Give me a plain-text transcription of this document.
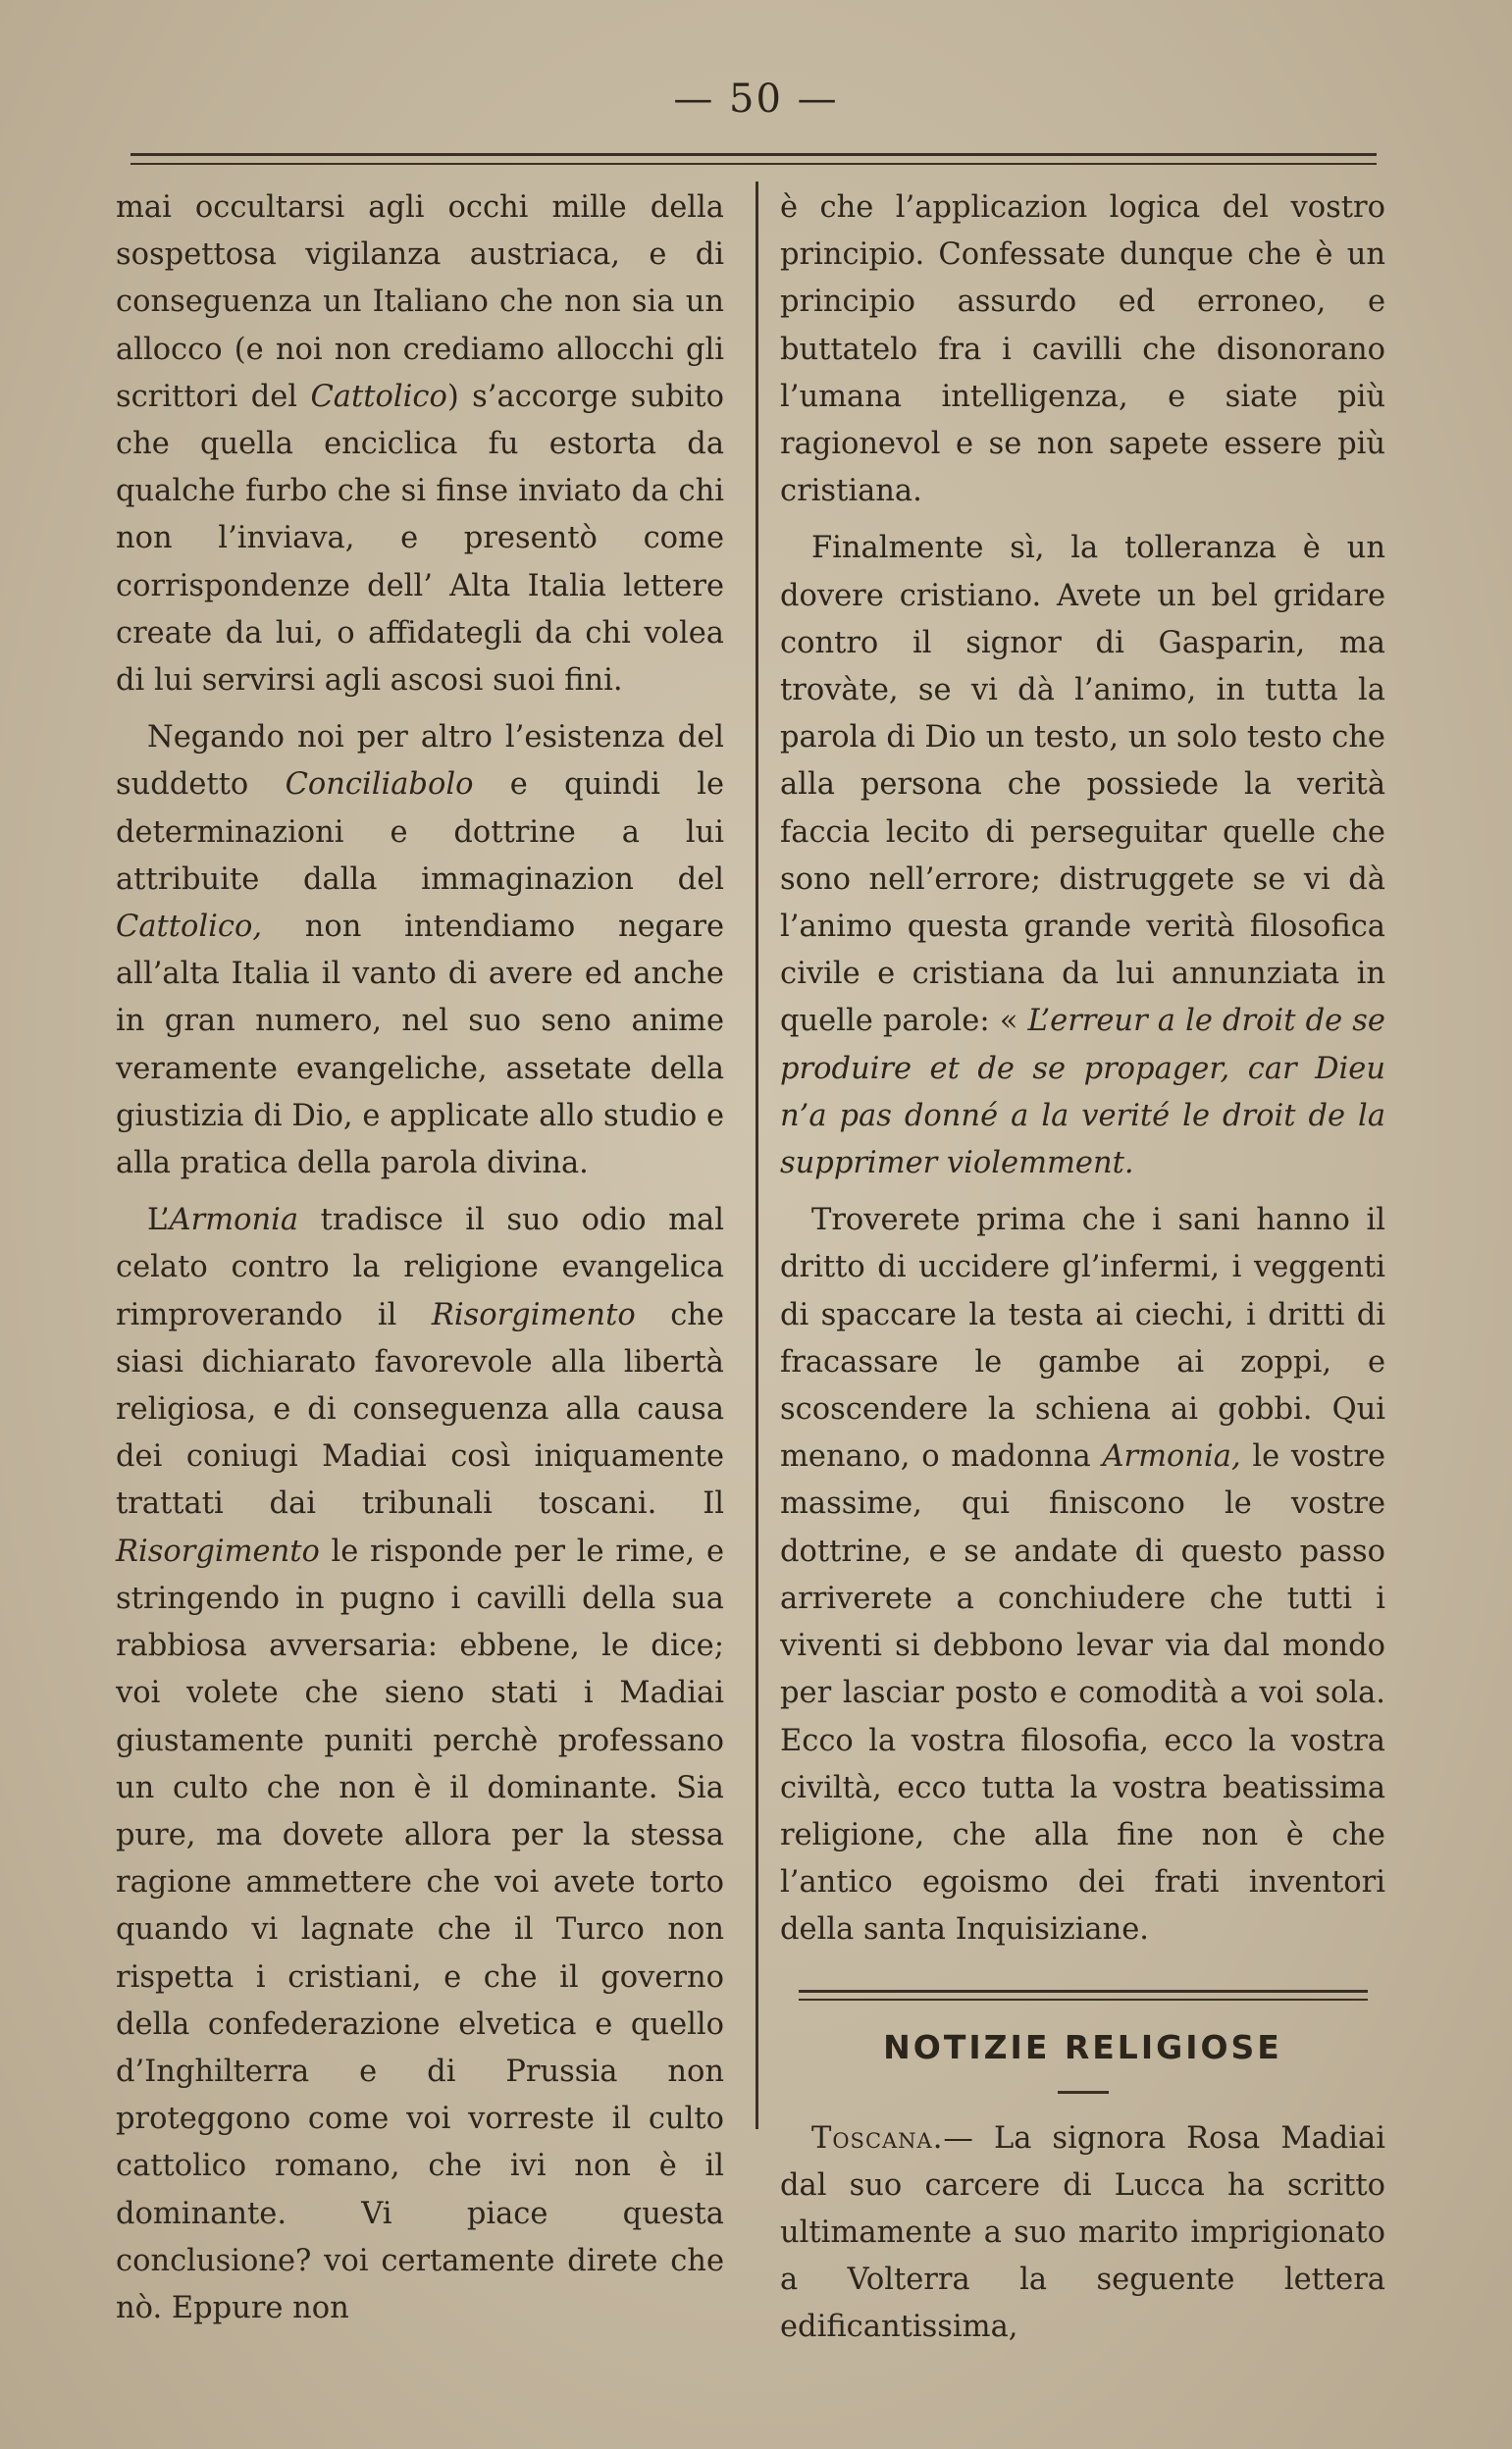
— 50 —

mai occultarsi agli occhi mille della sospettosa vigilanza austriaca, e di conseguenza un Italiano che non sia un allocco (e noi non crediamo allocchi gli scrittori del Cattolico) s’accorge subito che quella enciclica fu estorta da qualche furbo che si finse inviato da chi non l’inviava, e presentò come corrispondenze dell’ Alta Italia lettere create da lui, o affidategli da chi volea di lui servirsi agli ascosi suoi fini.

Negando noi per altro l’esistenza del suddetto Conciliabolo e quindi le determinazioni e dottrine a lui attribuite dalla immaginazion del Cattolico, non intendiamo negare all’alta Italia il vanto di avere ed anche in gran numero, nel suo seno anime veramente evangeliche, assetate della giustizia di Dio, e applicate allo studio e alla pratica della parola divina.

L’Armonia tradisce il suo odio mal celato contro la religione evangelica rimproverando il Risorgimento che siasi dichiarato favorevole alla libertà religiosa, e di conseguenza alla causa dei coniugi Madiai così iniquamente trattati dai tribunali toscani. Il Risorgimento le risponde per le rime, e stringendo in pugno i cavilli della sua rabbiosa avversaria: ebbene, le dice; voi volete che sieno stati i Madiai giustamente puniti perchè professano un culto che non è il dominante. Sia pure, ma dovete allora per la stessa ragione ammettere che voi avete torto quando vi lagnate che il Turco non rispetta i cristiani, e che il governo della confederazione elvetica e quello d’Inghilterra e di Prussia non proteggono come voi vorreste il culto cattolico romano, che ivi non è il dominante. Vi piace questa conclusione? voi certamente direte che nò. Eppure non

è che l’applicazion logica del vostro principio. Confessate dunque che è un principio assurdo ed erroneo, e buttatelo fra i cavilli che disonorano l’umana intelligenza, e siate più ragionevol e se non sapete essere più cristiana.

Finalmente sì, la tolleranza è un dovere cristiano. Avete un bel gridare contro il signor di Gasparin, ma trovàte, se vi dà l’animo, in tutta la parola di Dio un testo, un solo testo che alla persona che possiede la verità faccia lecito di perseguitar quelle che sono nell’errore; distruggete se vi dà l’animo questa grande verità filosofica civile e cristiana da lui annunziata in quelle parole: « L’erreur a le droit de se produire et de se propager, car Dieu n’a pas donné a la verité le droit de la supprimer violemment.

Troverete prima che i sani hanno il dritto di uccidere gl’infermi, i veggenti di spaccare la testa ai ciechi, i dritti di fracassare le gambe ai zoppi, e scoscendere la schiena ai gobbi. Qui menano, o madonna Armonia, le vostre massime, qui finiscono le vostre dottrine, e se andate di questo passo arriverete a conchiudere che tutti i viventi si debbono levar via dal mondo per lasciar posto e comodità a voi sola. Ecco la vostra filosofia, ecco la vostra civiltà, ecco tutta la vostra beatissima religione, che alla fine non è che l’antico egoismo dei frati inventori della santa Inquisiziane.

NOTIZIE RELIGIOSE

Toscana.— La signora Rosa Madiai dal suo carcere di Lucca ha scritto ultimamente a suo marito imprigionato a Volterra la seguente lettera edificantissima,
